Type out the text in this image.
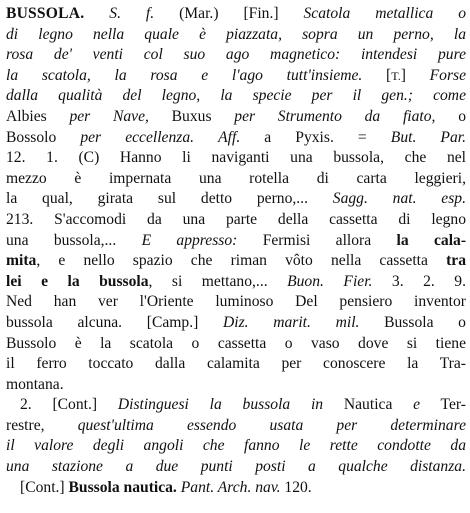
BUSSOLA. S. f. (Mar.) [Fin.] Scatola metallica o
di legno nella quale è piazzata, sopra un perno, la
rosa de' venti col suo ago magnetico: intendesi pure
la scatola, la rosa e l'ago tutt'insieme. [T.] Forse
dalla qualità del legno, la specie per il gen.; come
Albies per Nave, Buxus per Strumento da fiato, o
Bossolo per eccellenza. Aff. a Pyxis. = But. Par.
12. 1. (C) Hanno li naviganti una bussola, che nel
mezzo è impernata una rotella di carta leggieri,
la qual, girata sul detto perno,... Sagg. nat. esp.
213. S'accomodi da una parte della cassetta di legno
una bussola,... E appresso: Fermisi allora la cala-
mita, e nello spazio che riman vôto nella cassetta tra
lei e la bussola, si mettano,... Buon. Fier. 3. 2. 9.
Ned han ver l'Oriente luminoso Del pensiero inventor
bussola alcuna. [Camp.] Diz. marit. mil. Bussola o
Bussolo è la scatola o cassetta o vaso dove si tiene
il ferro toccato dalla calamita per conoscere la Tra-
montana.
2. [Cont.] Distinguesi la bussola in Nautica e Ter-
restre, quest'ultima essendo usata per determinare
il valore degli angoli che fanno le rette condotte da
una stazione a due punti posti a qualche distanza.
[Cont.] Bussola nautica. Pant. Arch. nav. 120.
